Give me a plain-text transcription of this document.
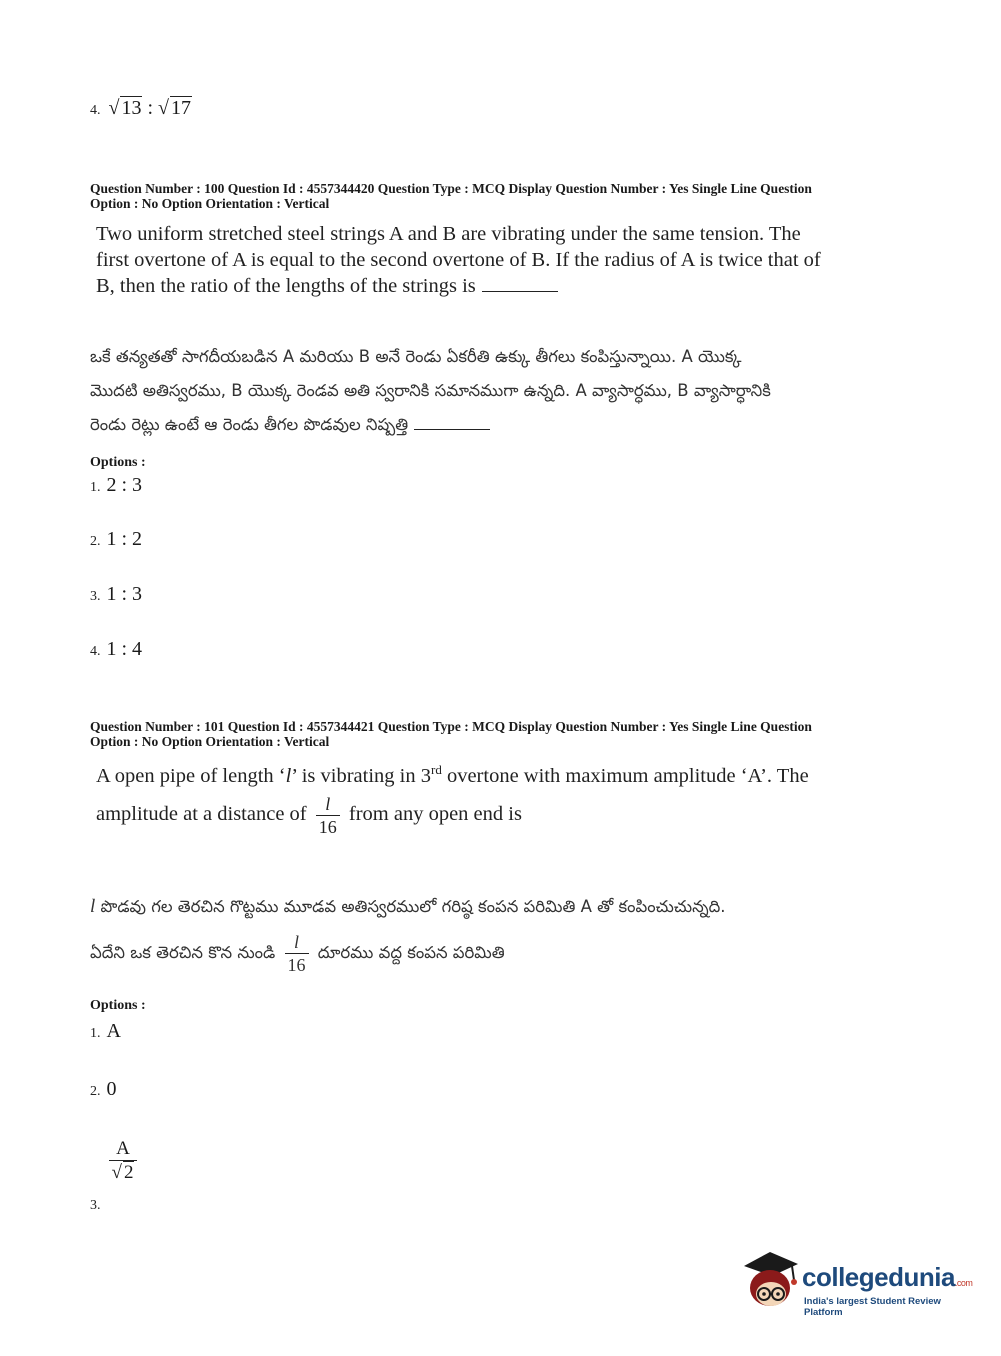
4. √ 13 : √ 17
Question Number : 100 Question Id : 4557344420 Question Type : MCQ Display Question Number : Yes Single Line Question
Option : No Option Orientation : Vertical
Two uniform stretched steel strings A and B are vibrating under the same tension. The
first overtone of A is equal to the second overtone of B. If the radius of A is twice that of
B, then the ratio of the lengths of the strings is
ఒకే తన్యతతో సాగదీయబడిన A మరియు B అనే రెండు ఏకరీతి ఉక్కు తీగలు కంపిస్తున్నాయి. A యొక్క
మొదటి అతిస్వరము, B యొక్క రెండవ అతి స్వరానికి సమానముగా ఉన్నది. A వ్యాసార్ధము, B వ్యాసార్ధానికి
రెండు రెట్లు ఉంటే ఆ రెండు తీగల పొడవుల నిష్పత్తి
Options :
1. 2 : 3
2. 1 : 2
3. 1 : 3
4. 1 : 4
Question Number : 101 Question Id : 4557344421 Question Type : MCQ Display Question Number : Yes Single Line Question
Option : No Option Orientation : Vertical
A open pipe of length ‘l’ is vibrating in 3rd overtone with maximum amplitude ‘A’. The
amplitude at a distance of $\frac{l}{16}$ from any open end is
l పొడవు గల తెరచిన గొట్టము మూడవ అతిస్వరములో గరిష్ఠ కంపన పరిమితి A తో కంపించుచున్నది.
ఏదేని ఒక తెరచిన కొన నుండి $\frac{l}{16}$ దూరము వద్ద కంపన పరిమితి
Options :
1. A
2. 0
3.
$\frac{A}{√ 2}$
collegedunia.com
India's largest Student Review Platform
